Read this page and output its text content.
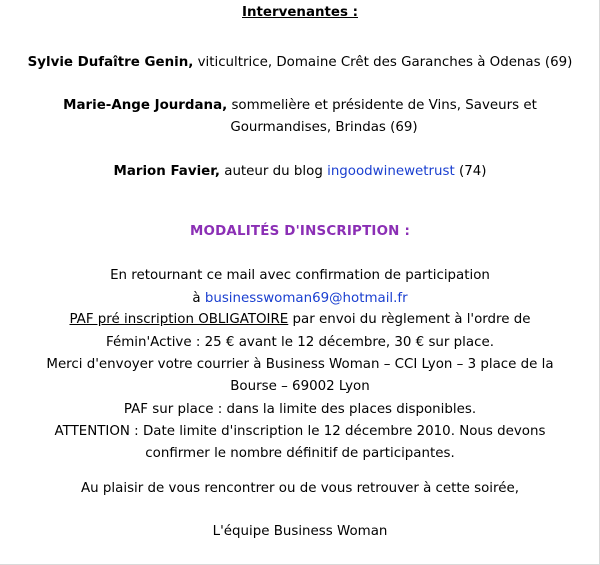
Intervenantes :
Sylvie Dufaître Genin, viticultrice, Domaine Crêt des Garanches à Odenas (69)
Marie-Ange Jourdana, sommelière et présidente de Vins, Saveurs et
Gourmandises, Brindas (69)
Marion Favier, auteur du blog ingoodwinewetrust (74)
MODALITÉS D'INSCRIPTION :
En retournant ce mail avec confirmation de participation
à businesswoman69@hotmail.fr
PAF pré inscription OBLIGATOIRE par envoi du règlement à l'ordre de
Fémin'Active : 25 € avant le 12 décembre, 30 € sur place.
Merci d'envoyer votre courrier à Business Woman – CCI Lyon – 3 place de la
Bourse – 69002 Lyon
PAF sur place : dans la limite des places disponibles.
ATTENTION : Date limite d'inscription le 12 décembre 2010. Nous devons
confirmer le nombre définitif de participantes.
Au plaisir de vous rencontrer ou de vous retrouver à cette soirée,
L'équipe Business Woman
